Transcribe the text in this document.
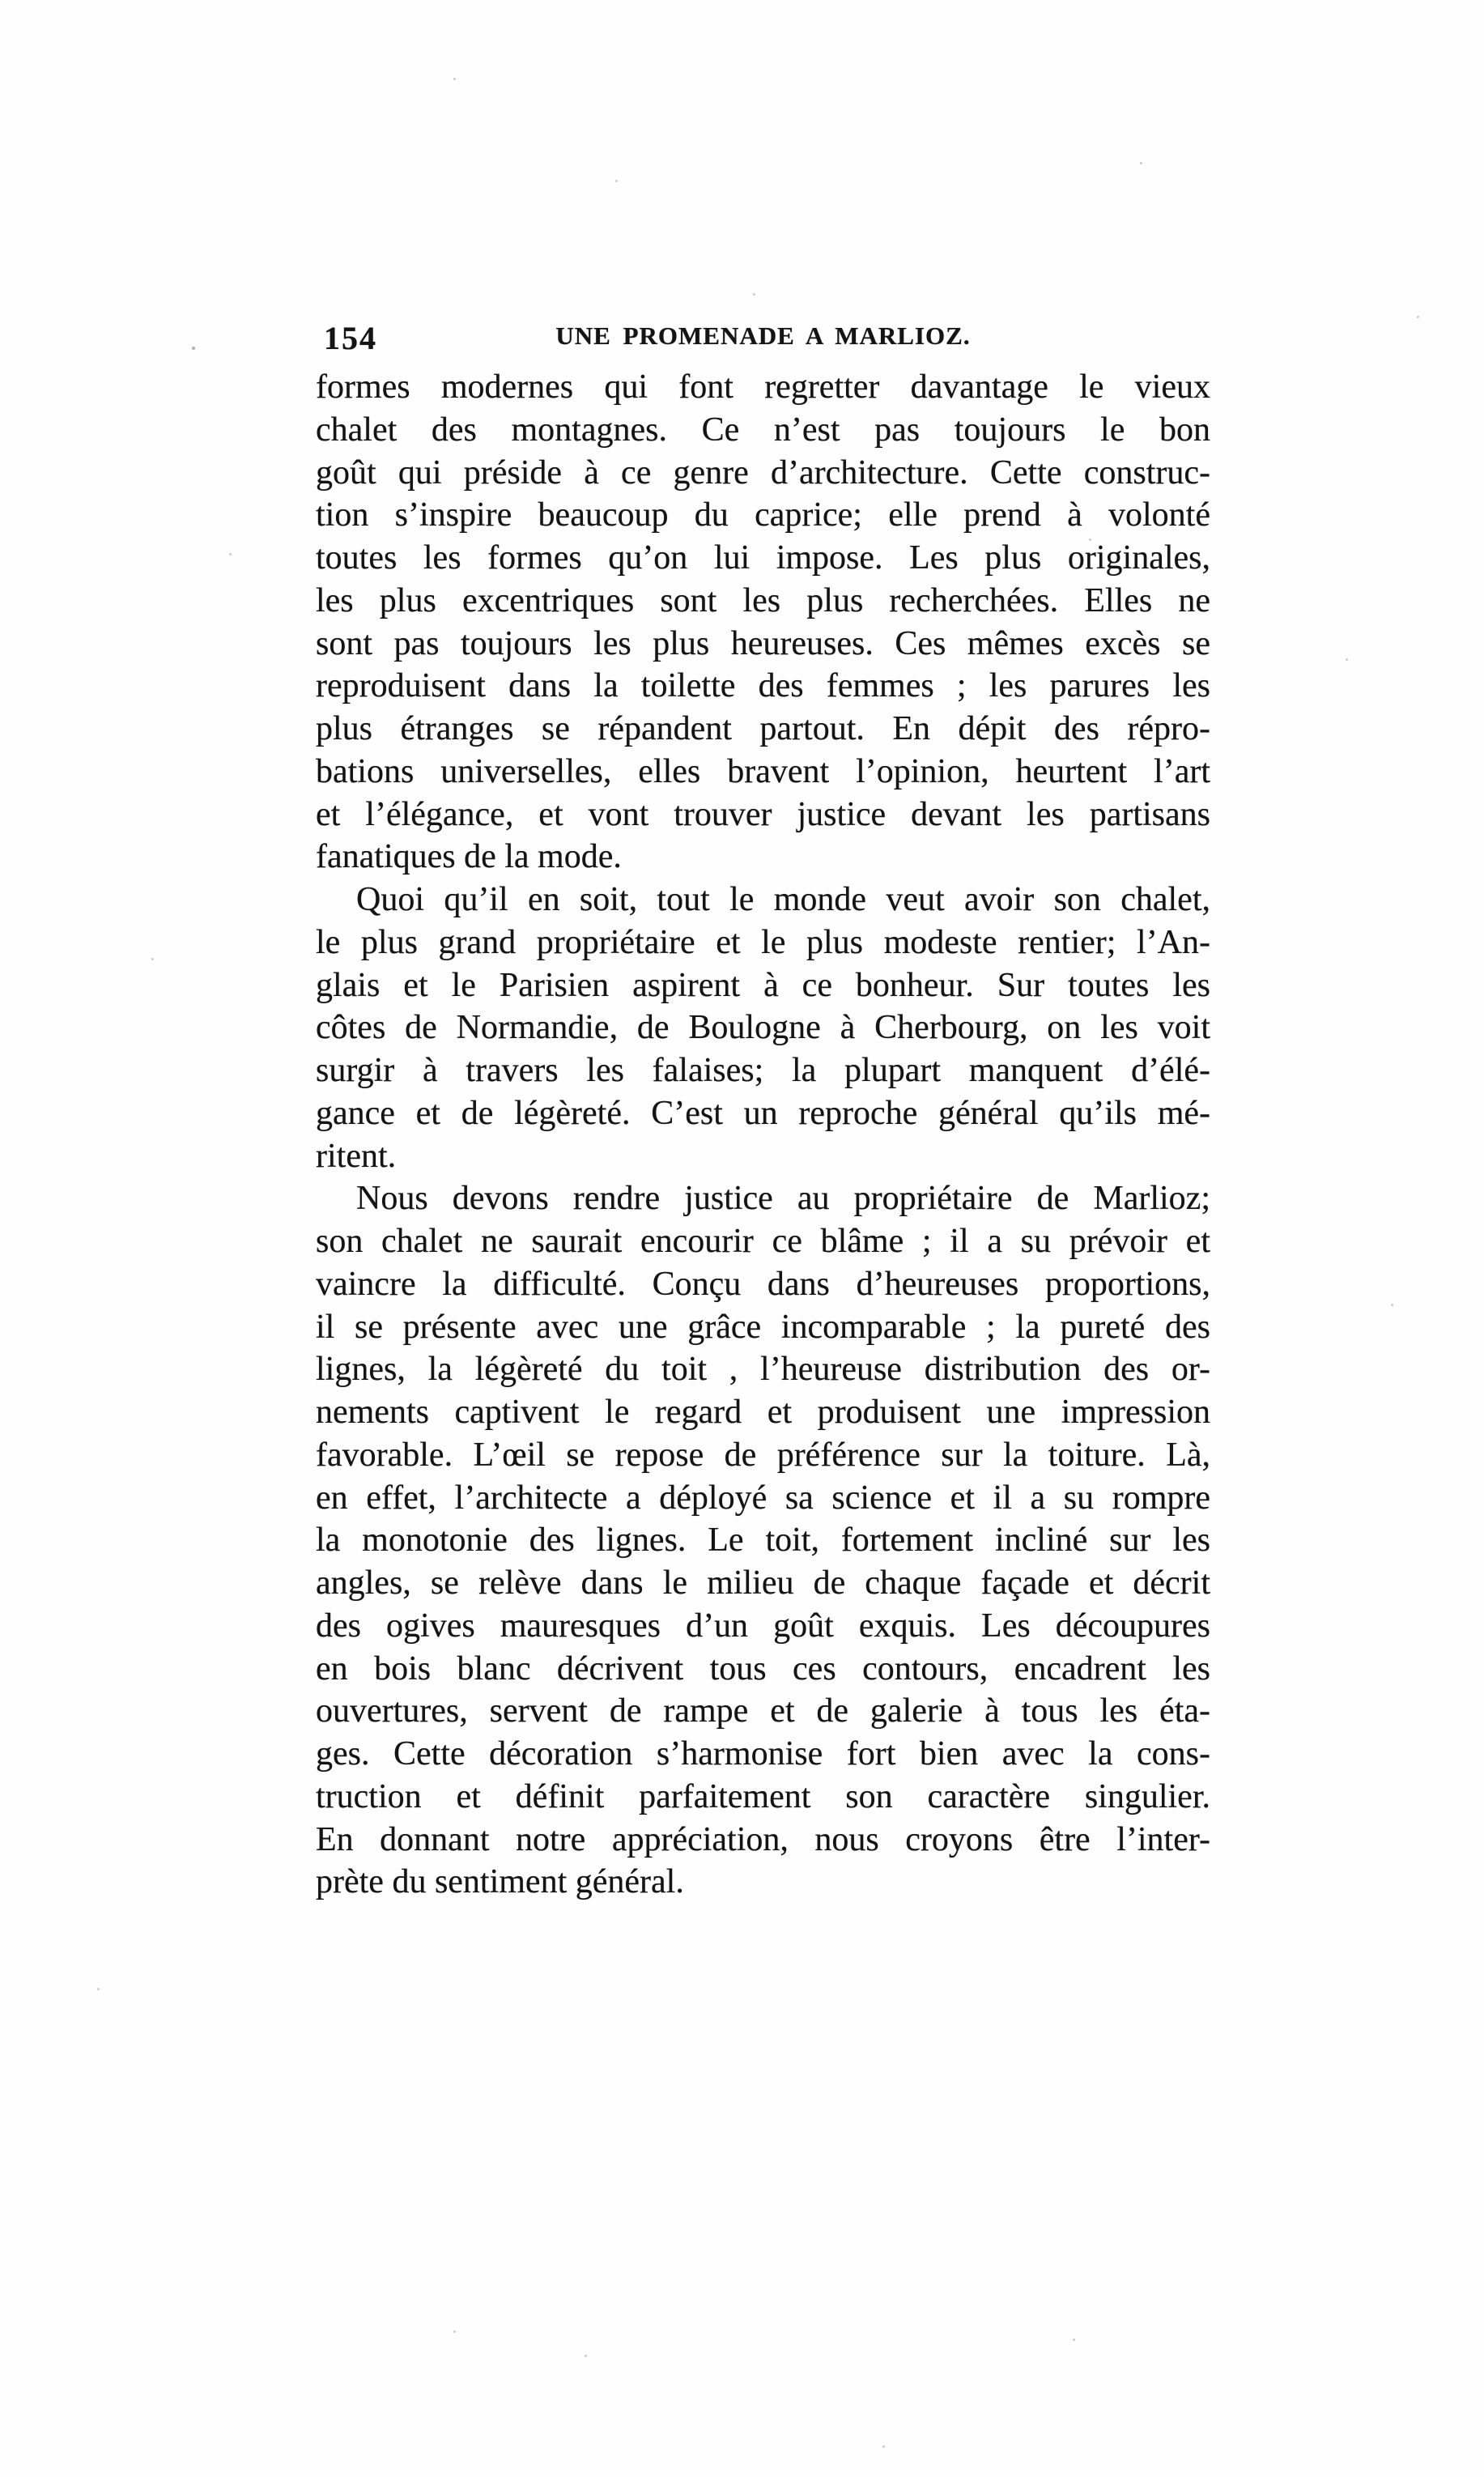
154	UNE PROMENADE A MARLIOZ.
formes modernes qui font regretter davantage le vieux
chalet des montagnes. Ce n’est pas toujours le bon
goût qui préside à ce genre d’architecture. Cette construc-
tion s’inspire beaucoup du caprice; elle prend à volonté
toutes les formes qu’on lui impose. Les plus originales,
les plus excentriques sont les plus recherchées. Elles ne
sont pas toujours les plus heureuses. Ces mêmes excès se
reproduisent dans la toilette des femmes ; les parures les
plus étranges se répandent partout. En dépit des répro-
bations universelles, elles bravent l’opinion, heurtent l’art
et l’élégance, et vont trouver justice devant les partisans
fanatiques de la mode.
Quoi qu’il en soit, tout le monde veut avoir son chalet,
le plus grand propriétaire et le plus modeste rentier; l’An-
glais et le Parisien aspirent à ce bonheur. Sur toutes les
côtes de Normandie, de Boulogne à Cherbourg, on les voit
surgir à travers les falaises; la plupart manquent d’élé-
gance et de légèreté. C’est un reproche général qu’ils mé-
ritent.
Nous devons rendre justice au propriétaire de Marlioz;
son chalet ne saurait encourir ce blâme ; il a su prévoir et
vaincre la difficulté. Conçu dans d’heureuses proportions,
il se présente avec une grâce incomparable ; la pureté des
lignes, la légèreté du toit , l’heureuse distribution des or-
nements captivent le regard et produisent une impression
favorable. L’œil se repose de préférence sur la toiture. Là,
en effet, l’architecte a déployé sa science et il a su rompre
la monotonie des lignes. Le toit, fortement incliné sur les
angles, se relève dans le milieu de chaque façade et décrit
des ogives mauresques d’un goût exquis. Les découpures
en bois blanc décrivent tous ces contours, encadrent les
ouvertures, servent de rampe et de galerie à tous les éta-
ges. Cette décoration s’harmonise fort bien avec la cons-
truction et définit parfaitement son caractère singulier.
En donnant notre appréciation, nous croyons être l’inter-
prète du sentiment général.
